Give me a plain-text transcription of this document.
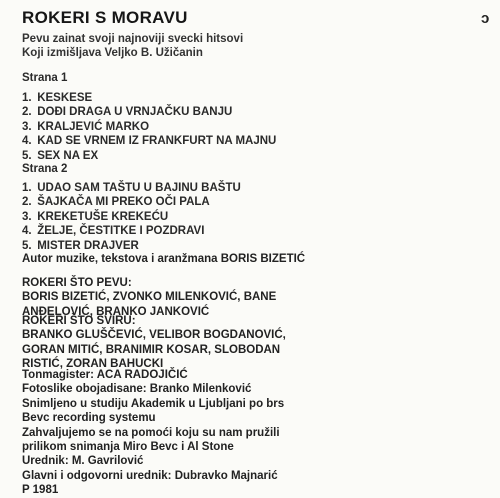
ROKERI S MORAVU

Pevu zainat svoji najnoviji svecki hitsovi

Koji izmišljava Veljko B. Užičanin

ↄ
Strana 1
1. KESKESE
2. DOĐI DRAGA U VRNJAČKU BANJU
3. KRALJEVIĆ MARKO
4. KAD SE VRNEM IZ FRANKFURT NA MAJNU
5. SEX NA EX
Strana 2
1. UDAO SAM TAŠTU U BAJINU BAŠTU
2. ŠAJKAČA MI PREKO OČI PALA
3. KREKETUŠE KREKEĆU
4. ŽELJE, ČESTITKE I POZDRAVI
5. MISTER DRAJVER

Autor muzike, tekstova i aranžmana BORIS BIZETIĆ

ROKERI ŠTO PEVU:
BORIS BIZETIĆ, ZVONKO MILENKOVIĆ, BANE
ANĐELOVIĆ, BRANKO JANKOVIĆ
ROKERI ŠTO SVIRU:
BRANKO GLUŠČEVIĆ, VELIBOR BOGDANOVIĆ,
GORAN MITIĆ, BRANIMIR KOSAR, SLOBODAN
RISTIĆ, ZORAN BAHUCKI
Tonmagister: ACA RADOJIČIĆ
Fotoslike obojadisane: Branko Milenković
Snimljeno u studiju Akademik u Ljubljani po brs
Bevc recording systemu
Zahvaljujemo se na pomoći koju su nam pružili
prilikom snimanja Miro Bevc i Al Stone
Urednik: M. Gavrilović
Glavni i odgovorni urednik: Dubravko Majnarić
P 1981
